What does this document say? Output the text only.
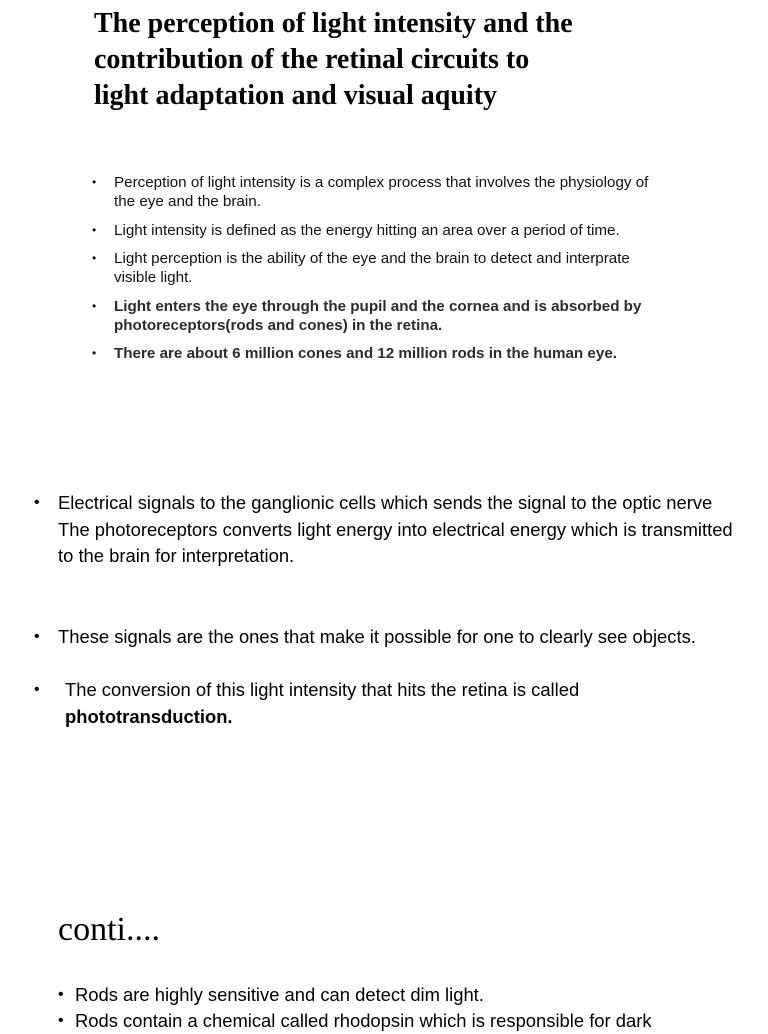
The perception of light intensity and the
contribution of the retinal circuits to
light adaptation and visual aquity
• Perception of light intensity is a complex process that involves the physiology of the eye and the brain.
• Light intensity is defined as the energy hitting an area over a period of time.
• Light perception is the ability of the eye and the brain to detect and interprate visible light.
• Light enters the eye through the pupil and the cornea and is absorbed by photoreceptors(rods and cones) in the retina.
• There are about 6 million cones and 12 million rods in the human eye.
• Electrical signals to the ganglionic cells which sends the signal to the optic nerve The photoreceptors converts light energy into electrical energy which is transmitted to the brain for interpretation.
• These signals are the ones that make it possible for one to clearly see objects.
• The conversion of this light intensity that hits the retina is called
phototransduction.
conti....
• Rods are highly sensitive and can detect dim light.
• Rods contain a chemical called rhodopsin which is responsible for dark
